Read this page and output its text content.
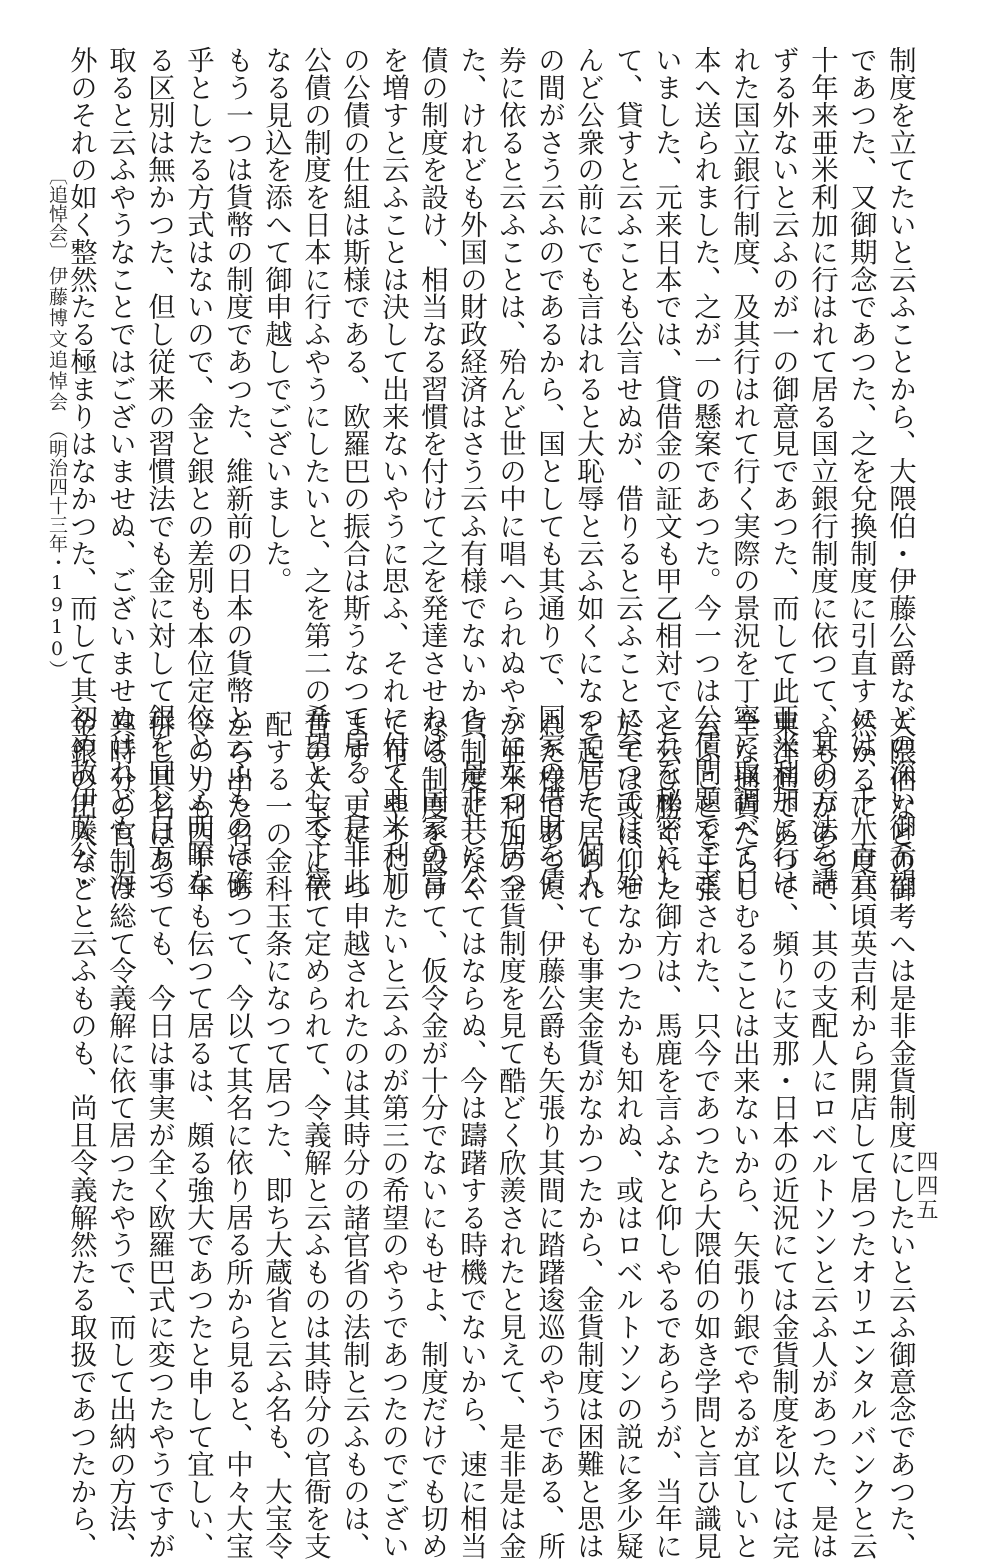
制度を立てたいと云ふことから、大隈伯・伊藤公爵などの深い御希望
であつた、又御期念であつた、之を兌換制度に引直すには、千八百六
十年来亜米利加に行はれて居る国立銀行制度に依つて、其の方法を講
ずる外ないと云ふのが一の御意見であつた、而して此亜米利加に行は
れた国立銀行制度、及其行はれて行く実際の景況を丁寧に取調べて日
本へ送られました、之が一の懸案であつた。今一つは公債問題でござ
いました、元来日本では、貸借金の証文も甲乙相対で之れを秘密にし
て、貸すと云ふことも公言せぬが、借りると云ふことに至つては、殆
んど公衆の前にでも言はれると大恥辱と云ふ如くになつて居た、個人
の間がさう云ふのであるから、国としても其通りで、国家の借財を債
券に依ると云ふことは、殆んど世の中に唱へられぬやうになつて居つ
た、けれども外国の財政経済はさう云ふ有様でないから、是非共に公
債の制度を設け、相当なる習慣を付けて之を発達させねば、国家の富
を増すと云ふことは決して出来ないやうに思ふ、それに付て亜米利加
の公債の仕組は斯様である、欧羅巴の振合は斯うなつて居る、是非此
公債の制度を日本に行ふやうにしたいと、之を第二の希望として丁寧
なる見込を添へて御申越しでございました。
もう一つは貨幣の制度であつた、維新前の日本の貨幣と云ふものは確
乎としたる方式はないので、金と銀との差別も本位定位といふ明瞭な
る区別は無かつた、但し従来の習慣法でも金に対して銀を同じ目方で
取ると云ふやうなことではございませぬ、ございませぬけれども、海
外のそれの如く整然たる極まりはなかつた、而して其初め故伊藤公・
大隈伯などの御考へは是非金貨制度にしたいと云ふ御意念であつた、
然かるに丁度其頃英吉利から開店して居つたオリエンタルバンクと云
ふものがあつて、其の支配人にロベルトソンと云ふ人があつた、是は
東洋通であつて、頻りに支那・日本の近況にては金貨制度を以ては完
全な通貨たらしむることは出来ないから、矢張り銀でやるが宜しいと
云ふことを主張された、只今であつたら大隈伯の如き学問と言ひ識見
と云ひ勝ぐれた御方は、馬鹿を言ふなと仰しやるであらうが、当年に
於ては或は仰せなかつたかも知れぬ、或はロベルトソンの説に多少疑
を起して居られても事実金貨がなかつたから、金貨制度は困難と思は
れた様であつた、伊藤公爵も矢張り其間に踏躇逡巡のやうである、所
が亜米利加の金貨制度を見て酷どく欣羨されたと見えて、是非是は金
貨制度にしなくてはならぬ、今は躊躇する時機でないから、速に相当
なる制度を設けて、仮令金が十分でないにもせよ、制度だけでも切め
て布くやうにしたいと云ふのが第三の希望のやうであつたのでござい
ます。更に一つ申越されたのは其時分の諸官省の法制と云ふものは、
昔の大宝令に依て定められて、令義解と云ふものは其時分の官衙を支
配する一の金科玉条になつて居つた、即ち大蔵省と云ふ名も、大宝令
から出た名であつて、今以て其名に依り居る所から見ると、中々大宝
令の力も四十年も伝つて居るは、頗る強大であつたと申して宜しい、
併し其名はあつても、今日は事実が全く欧羅巴式に変つたやうですが
其時分の官制は総て令義解に依て居つたやうで、而して出納の方法、
金銀の出入などと云ふものも、尚且令義解然たる取扱であつたから、
〔追悼会〕
伊藤博文追悼会
（明治四十三年・1910）
四四五
